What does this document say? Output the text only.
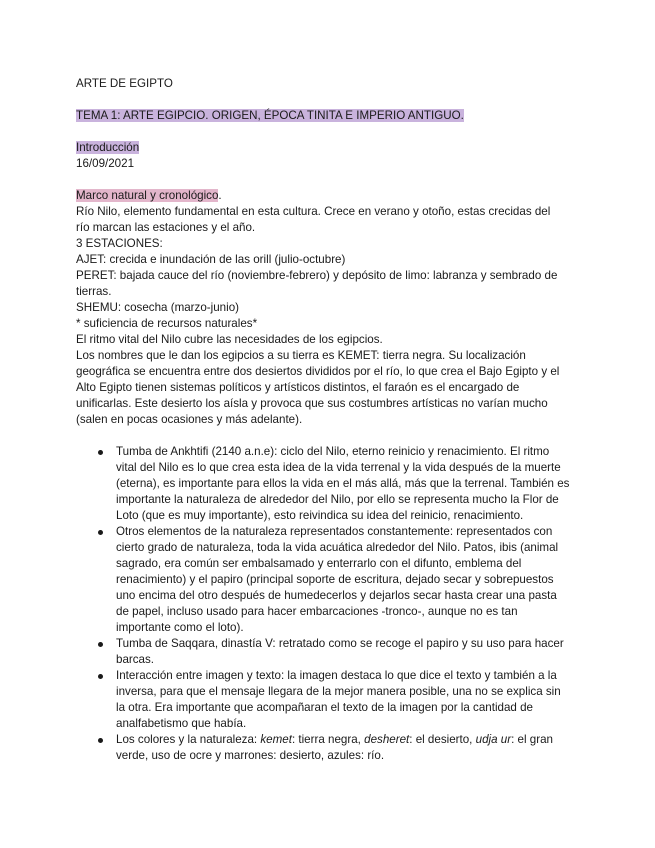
ARTE DE EGIPTO
TEMA 1: ARTE EGIPCIO. ORIGEN, ÉPOCA TINITA E IMPERIO ANTIGUO.
Introducción
16/09/2021
Marco natural y cronológico.
Río Nilo, elemento fundamental en esta cultura. Crece en verano y otoño, estas crecidas del
río marcan las estaciones y el año.
3 ESTACIONES:
AJET: crecida e inundación de las orill (julio-octubre)
PERET: bajada cauce del río (noviembre-febrero) y depósito de limo: labranza y sembrado de
tierras.
SHEMU: cosecha (marzo-junio)
* suficiencia de recursos naturales*
El ritmo vital del Nilo cubre las necesidades de los egipcios.
Los nombres que le dan los egipcios a su tierra es KEMET: tierra negra. Su localización
geográfica se encuentra entre dos desiertos divididos por el río, lo que crea el Bajo Egipto y el
Alto Egipto tienen sistemas políticos y artísticos distintos, el faraón es el encargado de
unificarlas. Este desierto los aísla y provoca que sus costumbres artísticas no varían mucho
(salen en pocas ocasiones y más adelante).
Tumba de Ankhtifi (2140 a.n.e): ciclo del Nilo, eterno reinicio y renacimiento. El ritmo
vital del Nilo es lo que crea esta idea de la vida terrenal y la vida después de la muerte
(eterna), es importante para ellos la vida en el más allá, más que la terrenal. También es
importante la naturaleza de alrededor del Nilo, por ello se representa mucho la Flor de
Loto (que es muy importante), esto reivindica su idea del reinicio, renacimiento.
Otros elementos de la naturaleza representados constantemente: representados con
cierto grado de naturaleza, toda la vida acuática alrededor del Nilo. Patos, ibis (animal
sagrado, era común ser embalsamado y enterrarlo con el difunto, emblema del
renacimiento) y el papiro (principal soporte de escritura, dejado secar y sobrepuestos
uno encima del otro después de humedecerlos y dejarlos secar hasta crear una pasta
de papel, incluso usado para hacer embarcaciones -tronco-, aunque no es tan
importante como el loto).
Tumba de Saqqara, dinastía V: retratado como se recoge el papiro y su uso para hacer
barcas.
Interacción entre imagen y texto: la imagen destaca lo que dice el texto y también a la
inversa, para que el mensaje llegara de la mejor manera posible, una no se explica sin
la otra. Era importante que acompañaran el texto de la imagen por la cantidad de
analfabetismo que había.
Los colores y la naturaleza: kemet: tierra negra, desheret: el desierto, udja ur: el gran
verde, uso de ocre y marrones: desierto, azules: río.
